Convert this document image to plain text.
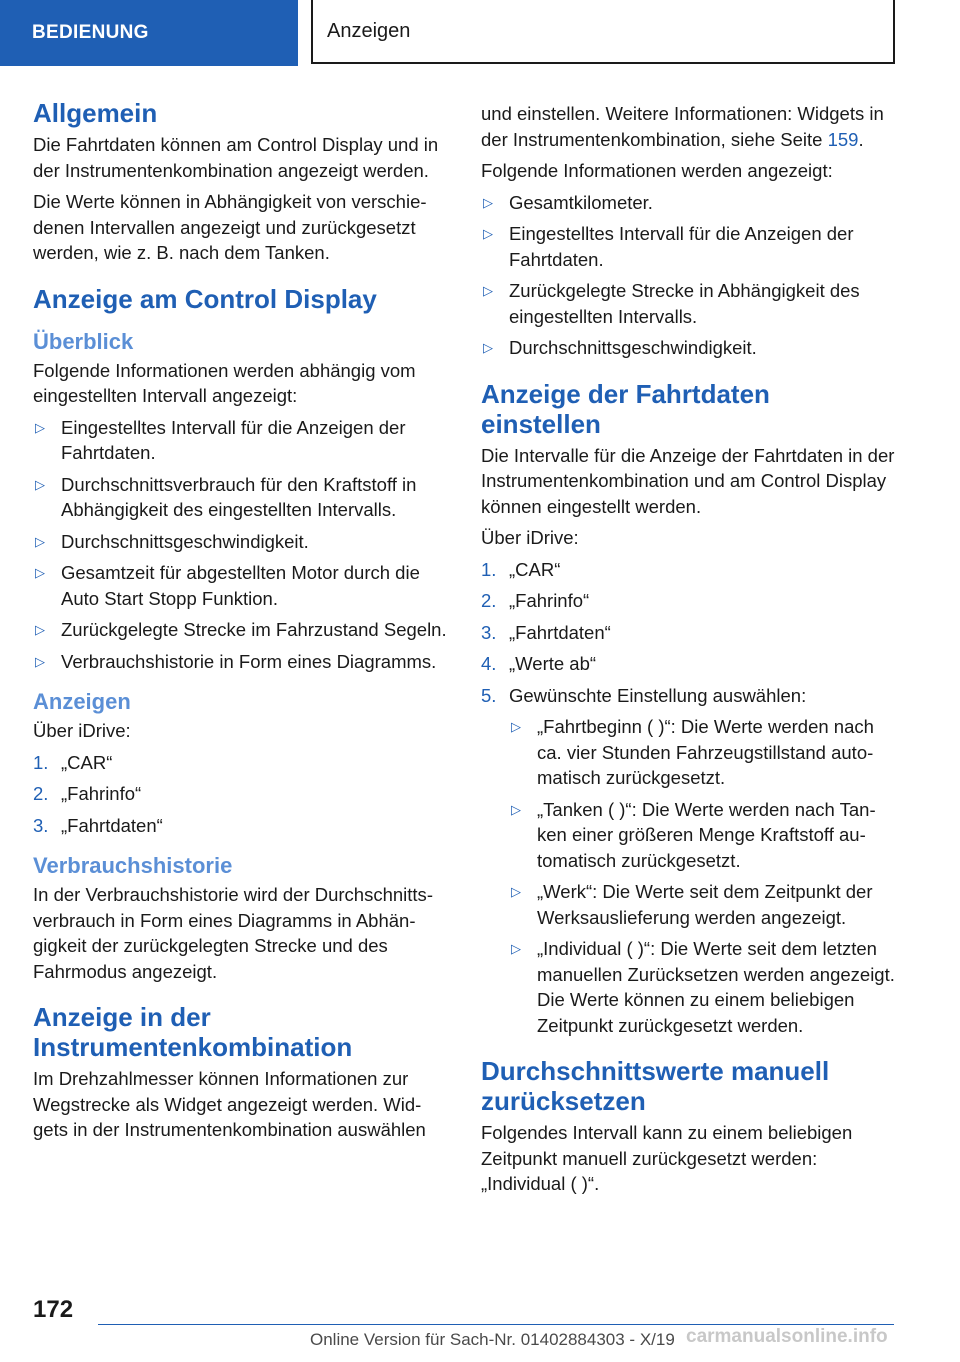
BEDIENUNG	Anzeigen
Allgemein

Die Fahrtdaten können am Control Display und in der Instrumentenkombination angezeigt werden.

Die Werte können in Abhängigkeit von verschiedenen Intervallen angezeigt und zurückgesetzt werden, wie z. B. nach dem Tanken.

Anzeige am Control Display
Überblick

Folgende Informationen werden abhängig vom eingestellten Intervall angezeigt:

▷ Eingestelltes Intervall für die Anzeigen der Fahrtdaten.
▷ Durchschnittsverbrauch für den Kraftstoff in Abhängigkeit des eingestellten Intervalls.
▷ Durchschnittsgeschwindigkeit.
▷ Gesamtzeit für abgestellten Motor durch die Auto Start Stopp Funktion.
▷ Zurückgelegte Strecke im Fahrzustand Segeln.
▷ Verbrauchshistorie in Form eines Diagramms.
Anzeigen

Über iDrive:

1. „CAR“
2. „Fahrinfo“
3. „Fahrtdaten“
Verbrauchshistorie

In der Verbrauchshistorie wird der Durchschnittsverbrauch in Form eines Diagramms in Abhängigkeit der zurückgelegten Strecke und des Fahrmodus angezeigt.

Anzeige in der Instrumentenkombination

Im Drehzahlmesser können Informationen zur Wegstrecke als Widget angezeigt werden. Widgets in der Instrumentenkombination auswählen

und einstellen. Weitere Informationen: Widgets in der Instrumentenkombination, siehe Seite 159.

Folgende Informationen werden angezeigt:

▷ Gesamtkilometer.
▷ Eingestelltes Intervall für die Anzeigen der Fahrtdaten.
▷ Zurückgelegte Strecke in Abhängigkeit des eingestellten Intervalls.
▷ Durchschnittsgeschwindigkeit.
Anzeige der Fahrtdaten einstellen

Die Intervalle für die Anzeige der Fahrtdaten in der Instrumentenkombination und am Control Display können eingestellt werden.

Über iDrive:

1. „CAR“
2. „Fahrinfo“
3. „Fahrtdaten“
4. „Werte ab“
5. Gewünschte Einstellung auswählen:
▷ „Fahrtbeginn ( )“: Die Werte werden nach ca. vier Stunden Fahrzeugstillstand automatisch zurückgesetzt.
▷ „Tanken ( )“: Die Werte werden nach Tanken einer größeren Menge Kraftstoff automatisch zurückgesetzt.
▷ „Werk“: Die Werte seit dem Zeitpunkt der Werksauslieferung werden angezeigt.
▷ „Individual ( )“: Die Werte seit dem letzten manuellen Zurücksetzen werden angezeigt. Die Werte können zu einem beliebigen Zeitpunkt zurückgesetzt werden.
Durchschnittswerte manuell zurücksetzen

Folgendes Intervall kann zu einem beliebigen Zeitpunkt manuell zurückgesetzt werden:

„Individual ( )“.

172
Online Version für Sach-Nr. 01402884303 - X/19 carmanualsonline.info
